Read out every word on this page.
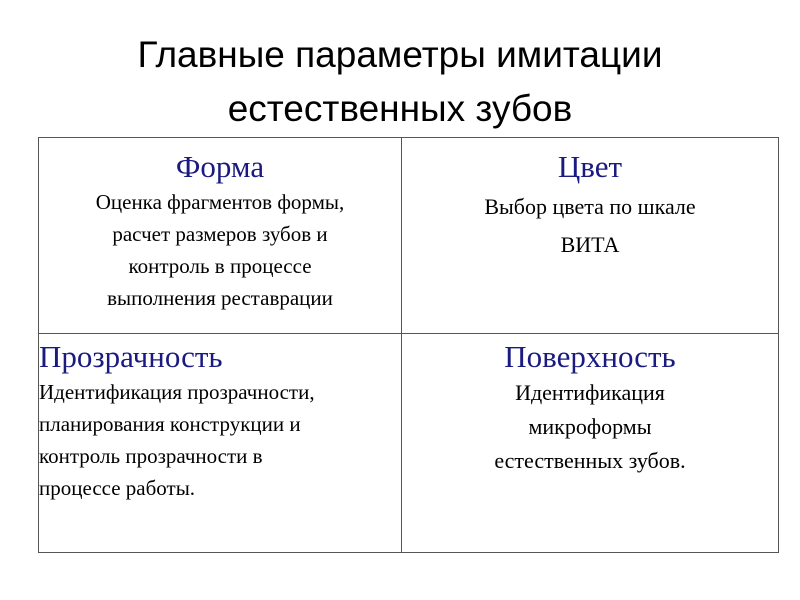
Главные параметры имитации
естественных зубов
Форма
Оценка фрагментов формы,
расчет размеров зубов и
контроль в процессе
выполнения реставрации
Цвет
Выбор цвета по шкале
ВИТА
Прозрачность
Идентификация прозрачности,
планирования конструкции и
контроль прозрачности в
процессе работы.
Поверхность
Идентификация
микроформы
естественных зубов.
